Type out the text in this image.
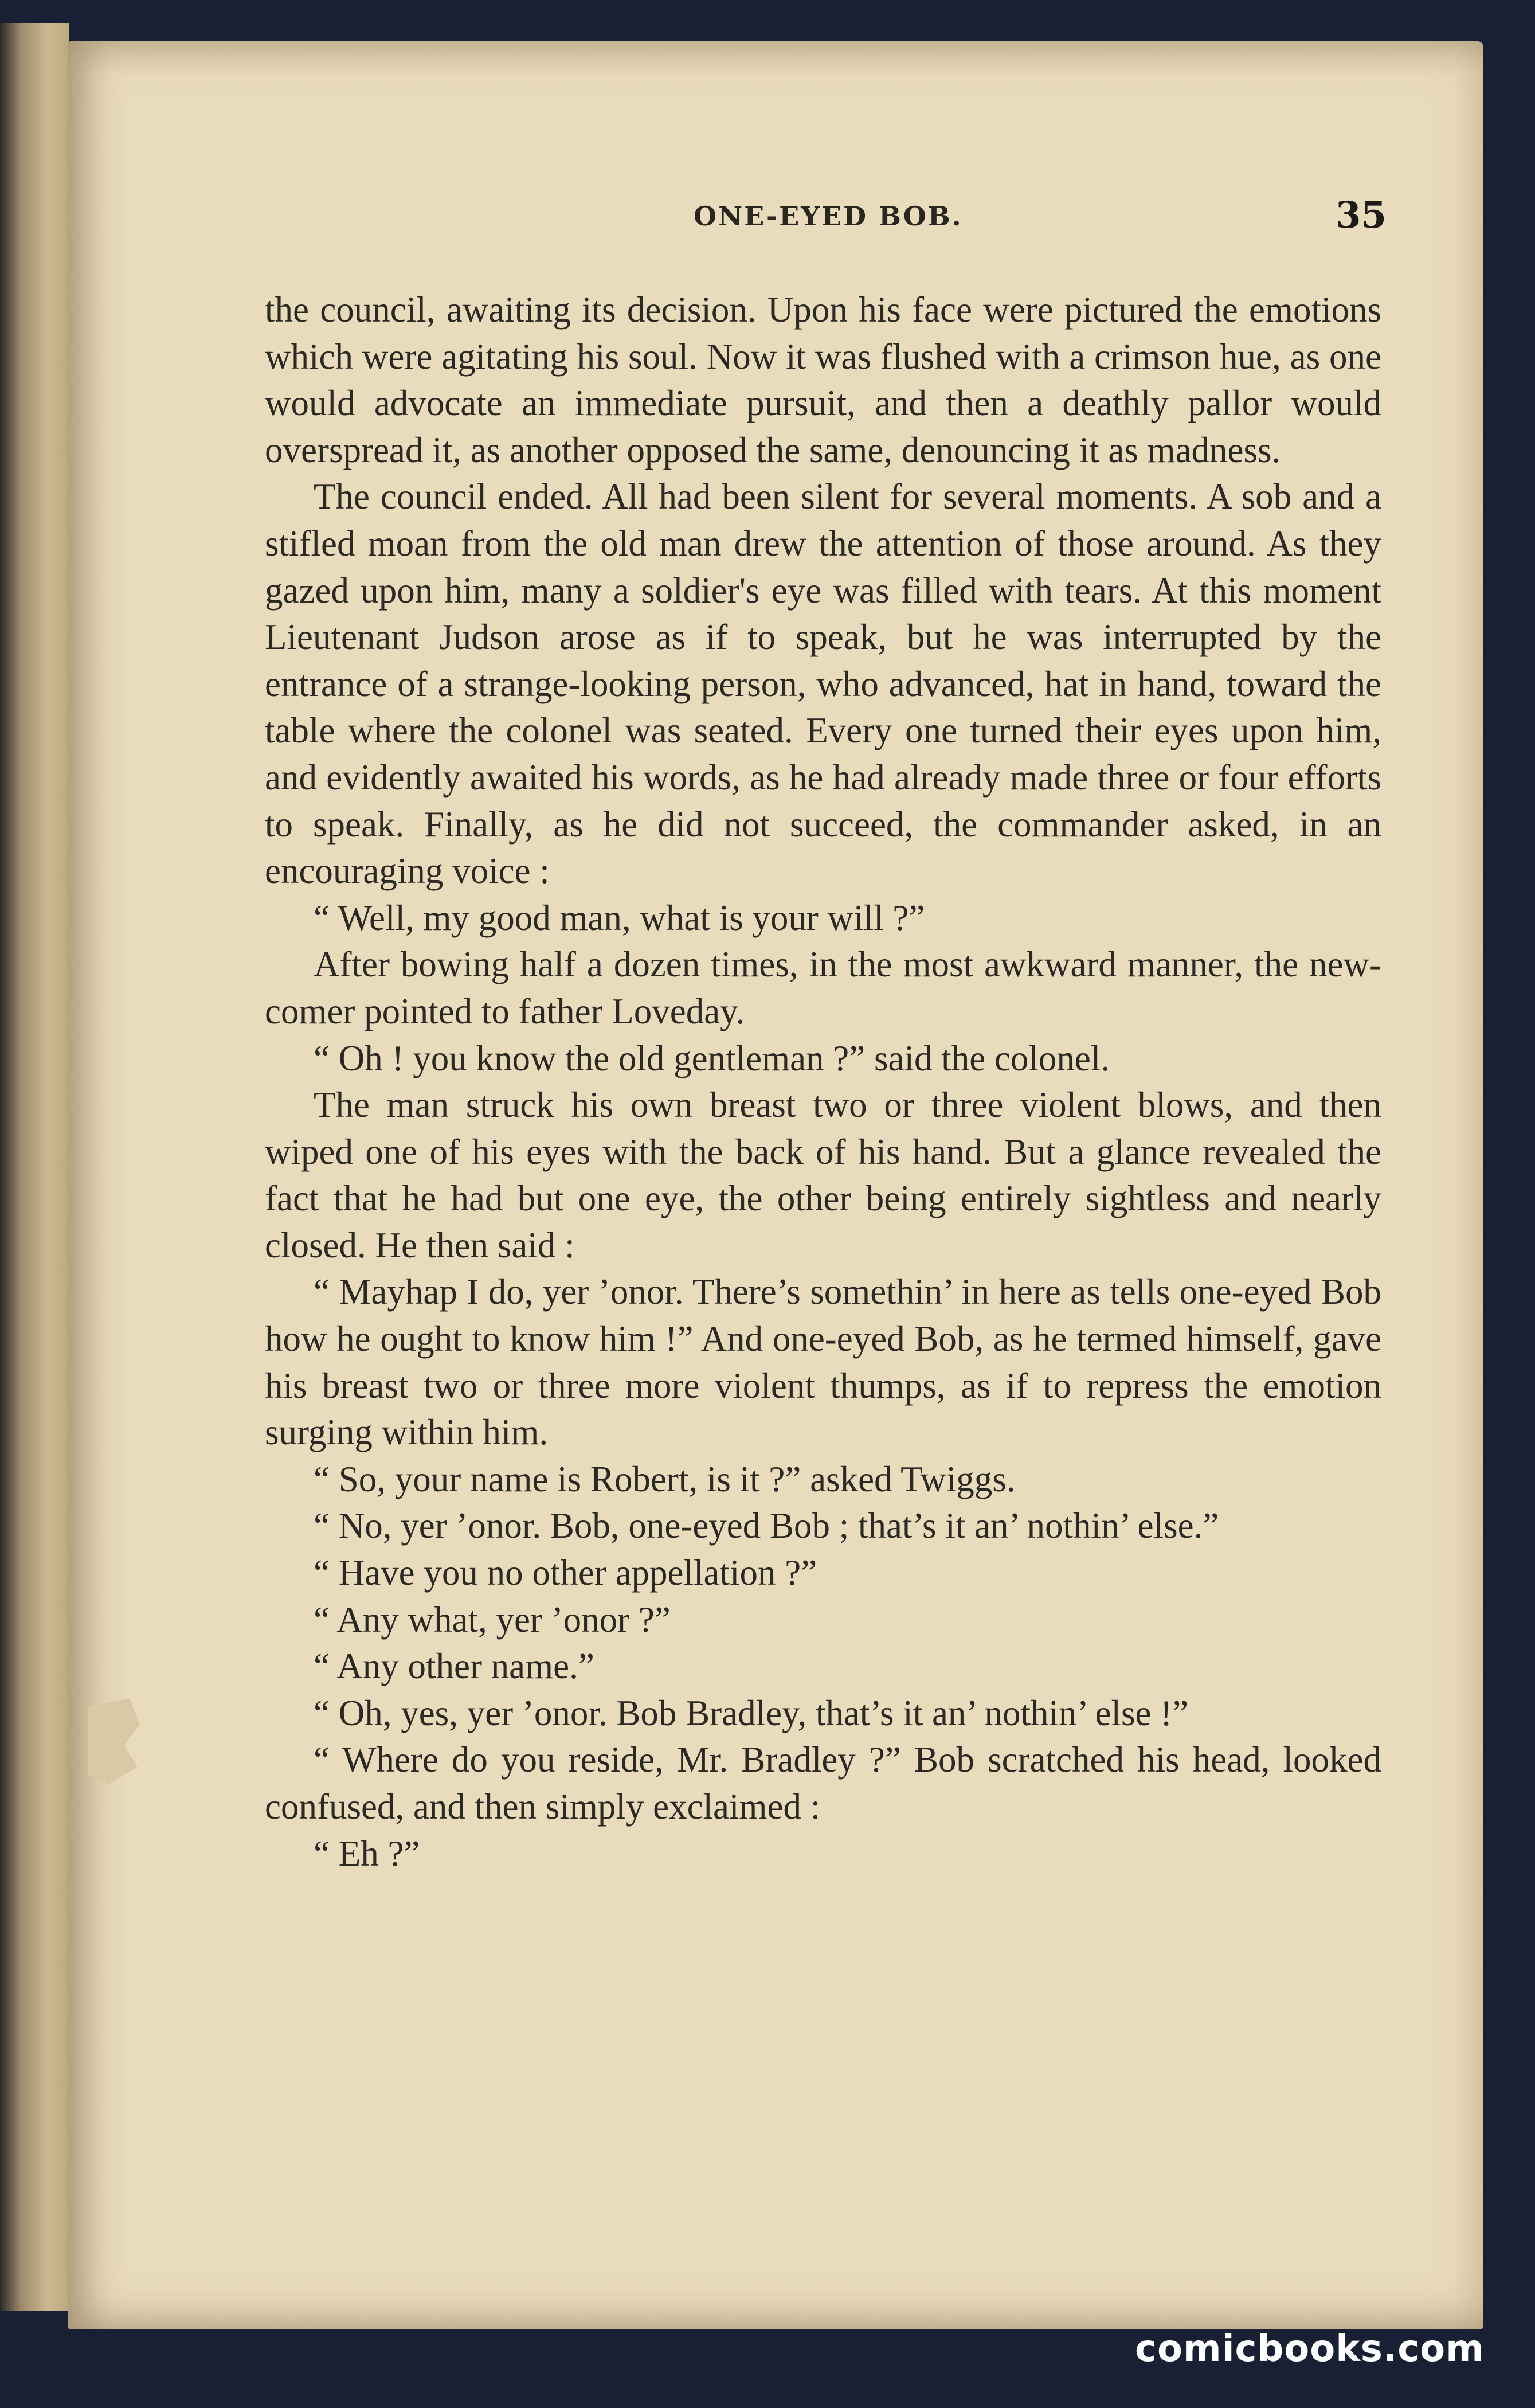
ONE-EYED BOB.	35

the council, awaiting its decision. Upon his face were pictured the emotions which were agitating his soul. Now it was flushed with a crimson hue, as one would advocate an immediate pursuit, and then a deathly pallor would overspread it, as another opposed the same, denouncing it as madness.

The council ended. All had been silent for several moments. A sob and a stifled moan from the old man drew the attention of those around. As they gazed upon him, many a soldier's eye was filled with tears. At this moment Lieutenant Judson arose as if to speak, but he was interrupted by the entrance of a strange-looking person, who advanced, hat in hand, toward the table where the colonel was seated. Every one turned their eyes upon him, and evidently awaited his words, as he had already made three or four efforts to speak. Finally, as he did not succeed, the commander asked, in an encouraging voice :

“ Well, my good man, what is your will ?”

After bowing half a dozen times, in the most awkward manner, the new-comer pointed to father Loveday.

“ Oh ! you know the old gentleman ?” said the colonel.

The man struck his own breast two or three violent blows, and then wiped one of his eyes with the back of his hand. But a glance revealed the fact that he had but one eye, the other being entirely sightless and nearly closed. He then said :

“ Mayhap I do, yer ’onor. There’s somethin’ in here as tells one-eyed Bob how he ought to know him !” And one-eyed Bob, as he termed himself, gave his breast two or three more violent thumps, as if to repress the emotion surging within him.

“ So, your name is Robert, is it ?” asked Twiggs.

“ No, yer ’onor. Bob, one-eyed Bob ; that’s it an’ nothin’ else.”

“ Have you no other appellation ?”

“ Any what, yer ’onor ?”

“ Any other name.”

“ Oh, yes, yer ’onor. Bob Bradley, that’s it an’ nothin’ else !”

“ Where do you reside, Mr. Bradley ?” Bob scratched his head, looked confused, and then simply exclaimed :

“ Eh ?”

comicbooks.com
